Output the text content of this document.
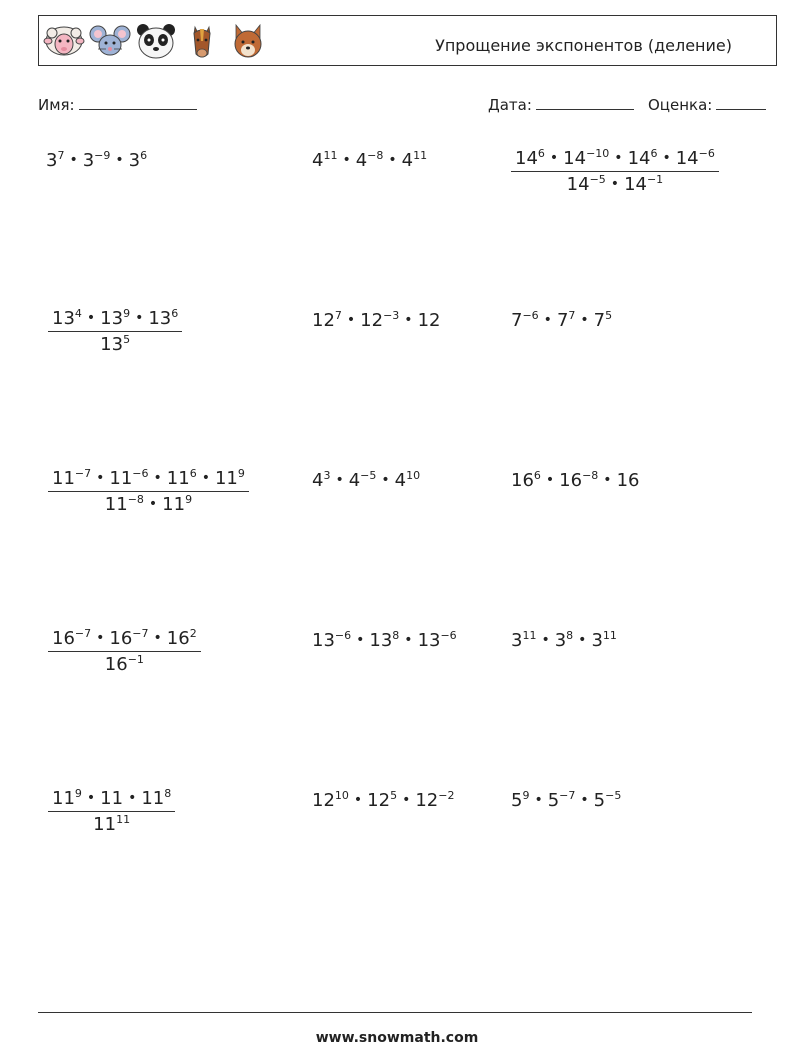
Упрощение экспонентов (деление)
Имя:	Дата:	Оценка:
$3^7$ • $3^{-9}$ • $3^6$	$4^{11}$ • $4^{-8}$ • $4^{11}$	$\frac{14^6 • 14^{-10} • 14^6 • 14^{-6}}{14^{-5} • 14^{-1}}$
$\frac{13^4 • 13^9 • 13^6}{13^5}$	$12^7$ • $12^{-3}$ • 12	$7^{-6}$ • $7^7$ • $7^5$
$\frac{11^{-7} • 11^{-6} • 11^6 • 11^9}{11^{-8} • 11^9}$	$4^3$ • $4^{-5}$ • $4^{10}$	$16^6$ • $16^{-8}$ • 16
$\frac{16^{-7} • 16^{-7} • 16^2}{16^{-1}}$	$13^{-6}$ • $13^8$ • $13^{-6}$	$3^{11}$ • $3^8$ • $3^{11}$
$\frac{11^9 • 11 • 11^8}{11^{11}}$	$12^{10}$ • $12^5$ • $12^{-2}$	$5^9$ • $5^{-7}$ • $5^{-5}$
www.snowmath.com
